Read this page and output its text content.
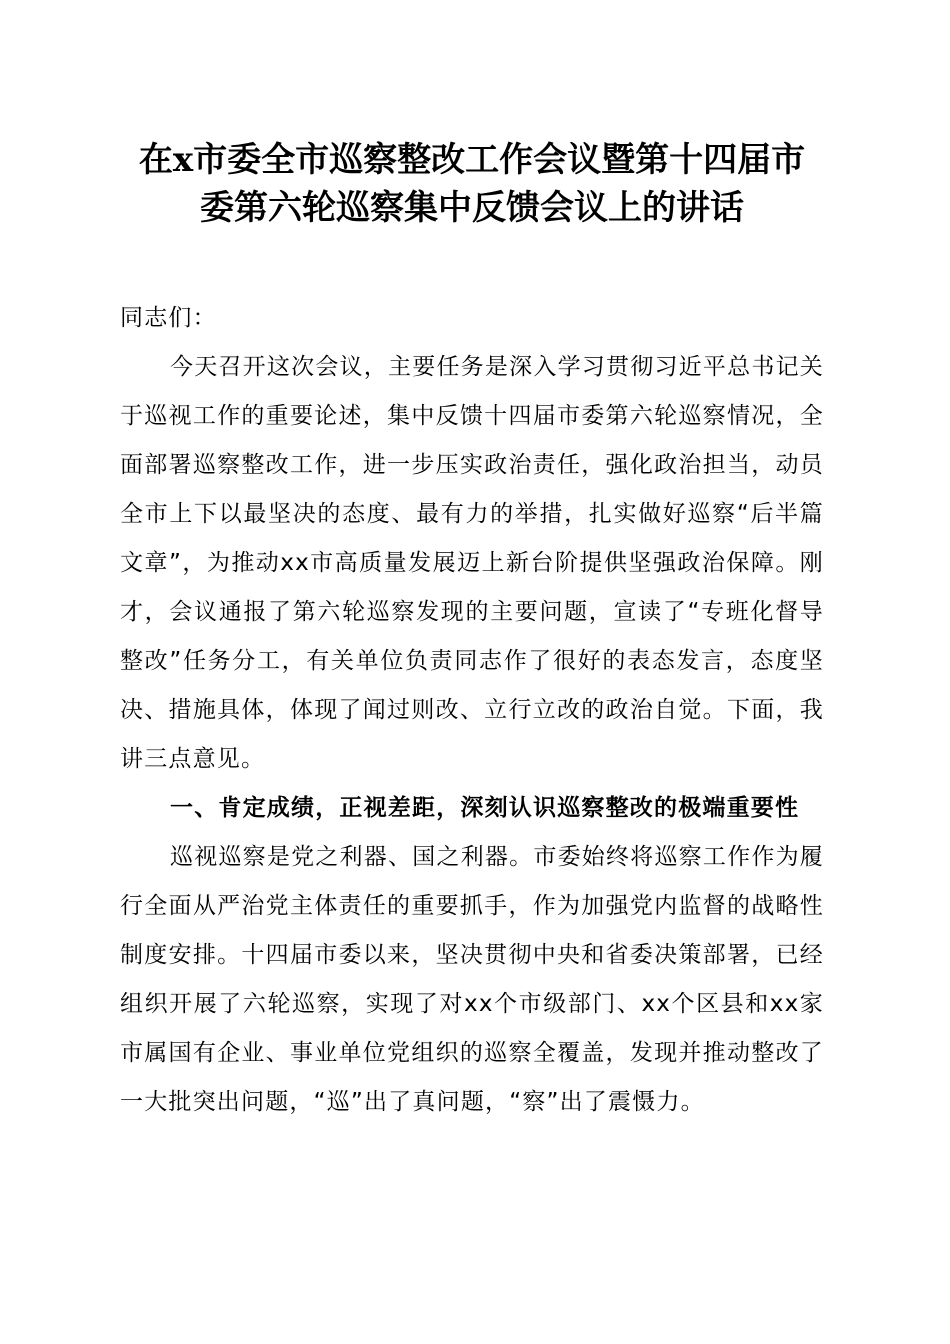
在x市委全市巡察整改工作会议暨第十四届市
委第六轮巡察集中反馈会议上的讲话

同志们：

今天召开这次会议，主要任务是深入学习贯彻习近平总书记关于巡视工作的重要论述，集中反馈十四届市委第六轮巡察情况，全面部署巡察整改工作，进一步压实政治责任，强化政治担当，动员全市上下以最坚决的态度、最有力的举措，扎实做好巡察“后半篇文章”，为推动xx市高质量发展迈上新台阶提供坚强政治保障。刚才，会议通报了第六轮巡察发现的主要问题，宣读了“专班化督导整改”任务分工，有关单位负责同志作了很好的表态发言，态度坚决、措施具体，体现了闻过则改、立行立改的政治自觉。下面，我讲三点意见。

一、肯定成绩，正视差距，深刻认识巡察整改的极端重要性

巡视巡察是党之利器、国之利器。市委始终将巡察工作作为履行全面从严治党主体责任的重要抓手，作为加强党内监督的战略性制度安排。十四届市委以来，坚决贯彻中央和省委决策部署，已经组织开展了六轮巡察，实现了对xx个市级部门、xx个区县和xx家市属国有企业、事业单位党组织的巡察全覆盖，发现并推动整改了一大批突出问题，“巡”出了真问题，“察”出了震慑力。
